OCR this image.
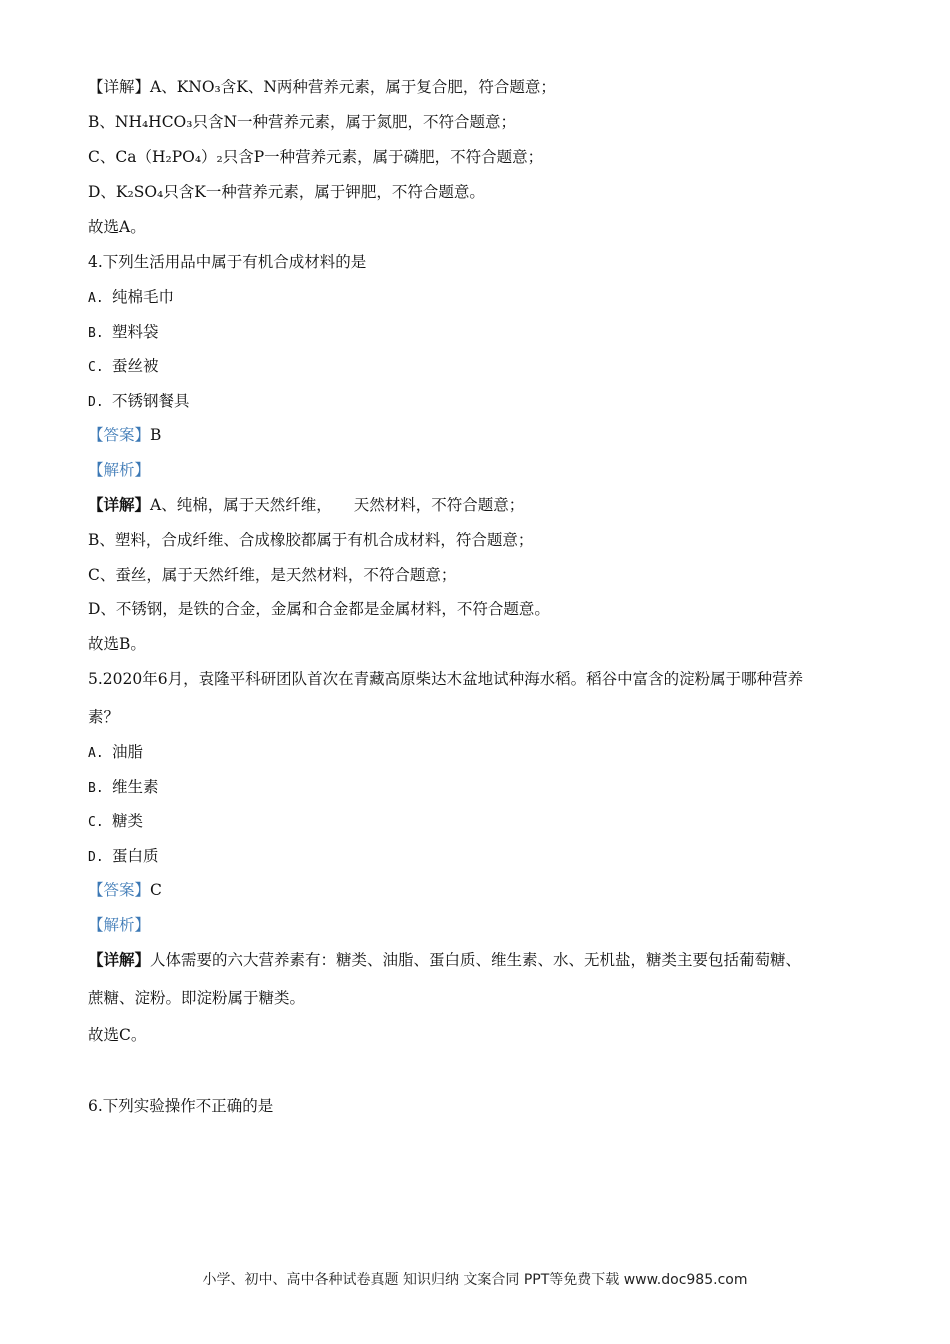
【详解】A、KNO₃含K、N两种营养元素，属于复合肥，符合题意；
B、NH₄HCO₃只含N一种营养元素，属于氮肥，不符合题意；
C、Ca（H₂PO₄）₂只含P一种营养元素，属于磷肥，不符合题意；
D、K₂SO₄只含K一种营养元素，属于钾肥，不符合题意。
故选A。
4.下列生活用品中属于有机合成材料的是
A. 纯棉毛巾
B. 塑料袋
C. 蚕丝被
D. 不锈钢餐具
【答案】B
【解析】
【详解】A、纯棉，属于天然纤维， 天然材料，不符合题意；
B、塑料，合成纤维、合成橡胶都属于有机合成材料，符合题意；
C、蚕丝，属于天然纤维，是天然材料，不符合题意；
D、不锈钢，是铁的合金，金属和合金都是金属材料，不符合题意。
故选B。
5.2020年6月，袁隆平科研团队首次在青藏高原柴达木盆地试种海水稻。稻谷中富含的淀粉属于哪种营养
素？
A. 油脂
B. 维生素
C. 糖类
D. 蛋白质
【答案】C
【解析】
【详解】人体需要的六大营养素有：糖类、油脂、蛋白质、维生素、水、无机盐，糖类主要包括葡萄糖、
蔗糖、淀粉。即淀粉属于糖类。
故选C。
6.下列实验操作不正确的是
小学、初中、高中各种试卷真题 知识归纳 文案合同 PPT等免费下载 www.doc985.com
